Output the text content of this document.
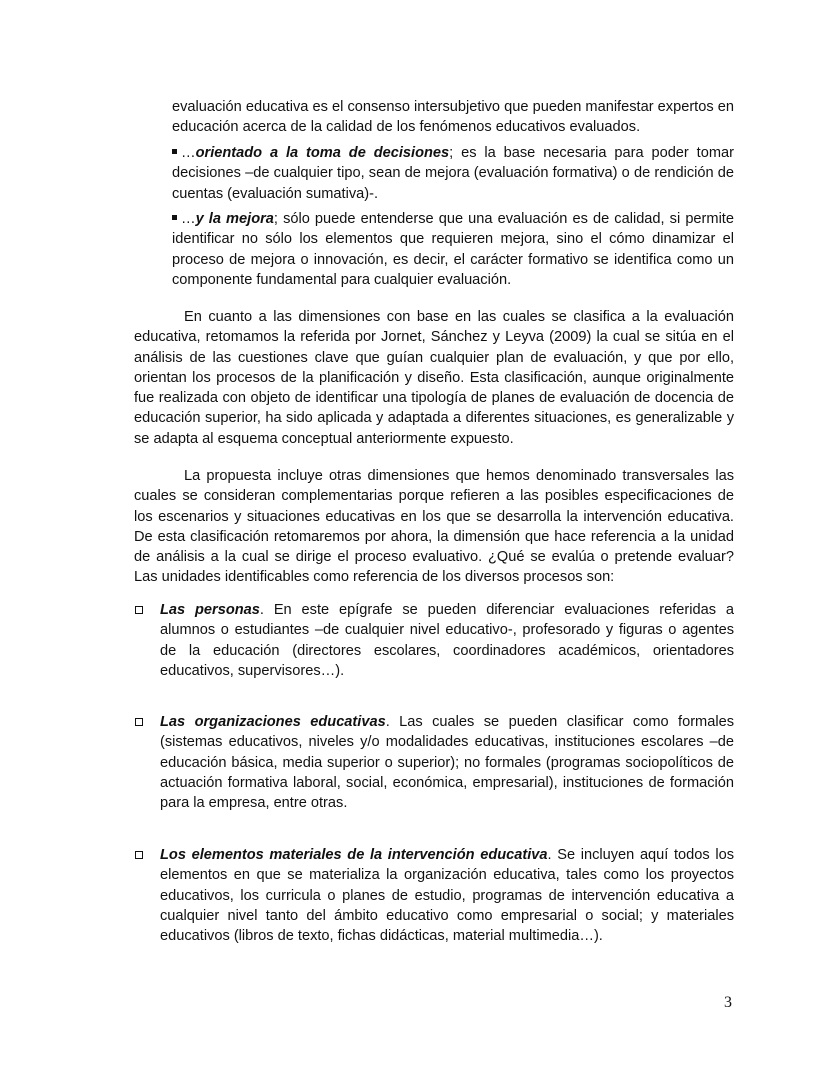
evaluación educativa es el consenso intersubjetivo que pueden manifestar expertos en educación acerca de la calidad de los fenómenos educativos evaluados.

…orientado a la toma de decisiones; es la base necesaria para poder tomar decisiones –de cualquier tipo, sean de mejora (evaluación formativa) o de rendición de cuentas (evaluación sumativa)-.

…y la mejora; sólo puede entenderse que una evaluación es de calidad, si permite identificar no sólo los elementos que requieren mejora, sino el cómo dinamizar el proceso de mejora o innovación, es decir, el carácter formativo se identifica como un componente fundamental para cualquier evaluación.

En cuanto a las dimensiones con base en las cuales se clasifica a la evaluación educativa, retomamos la referida por Jornet, Sánchez y Leyva (2009) la cual se sitúa en el análisis de las cuestiones clave que guían cualquier plan de evaluación, y que por ello, orientan los procesos de la planificación y diseño. Esta clasificación, aunque originalmente fue realizada con objeto de identificar una tipología de planes de evaluación de docencia de educación superior, ha sido aplicada y adaptada a diferentes situaciones, es generalizable y se adapta al esquema conceptual anteriormente expuesto.

La propuesta incluye otras dimensiones que hemos denominado transversales las cuales se consideran complementarias porque refieren a las posibles especificaciones de los escenarios y situaciones educativas en los que se desarrolla la intervención educativa. De esta clasificación retomaremos por ahora, la dimensión que hace referencia a la unidad de análisis a la cual se dirige el proceso evaluativo. ¿Qué se evalúa o pretende evaluar? Las unidades identificables como referencia de los diversos procesos son:

Las personas. En este epígrafe se pueden diferenciar evaluaciones referidas a alumnos o estudiantes –de cualquier nivel educativo-, profesorado y figuras o agentes de la educación (directores escolares, coordinadores académicos, orientadores educativos, supervisores…).
Las organizaciones educativas. Las cuales se pueden clasificar como formales (sistemas educativos, niveles y/o modalidades educativas, instituciones escolares –de educación básica, media superior o superior); no formales (programas sociopolíticos de actuación formativa laboral, social, económica, empresarial), instituciones de formación para la empresa, entre otras.
Los elementos materiales de la intervención educativa. Se incluyen aquí todos los elementos en que se materializa la organización educativa, tales como los proyectos educativos, los curricula o planes de estudio, programas de intervención educativa a cualquier nivel tanto del ámbito educativo como empresarial o social; y materiales educativos (libros de texto, fichas didácticas, material multimedia…).
3
